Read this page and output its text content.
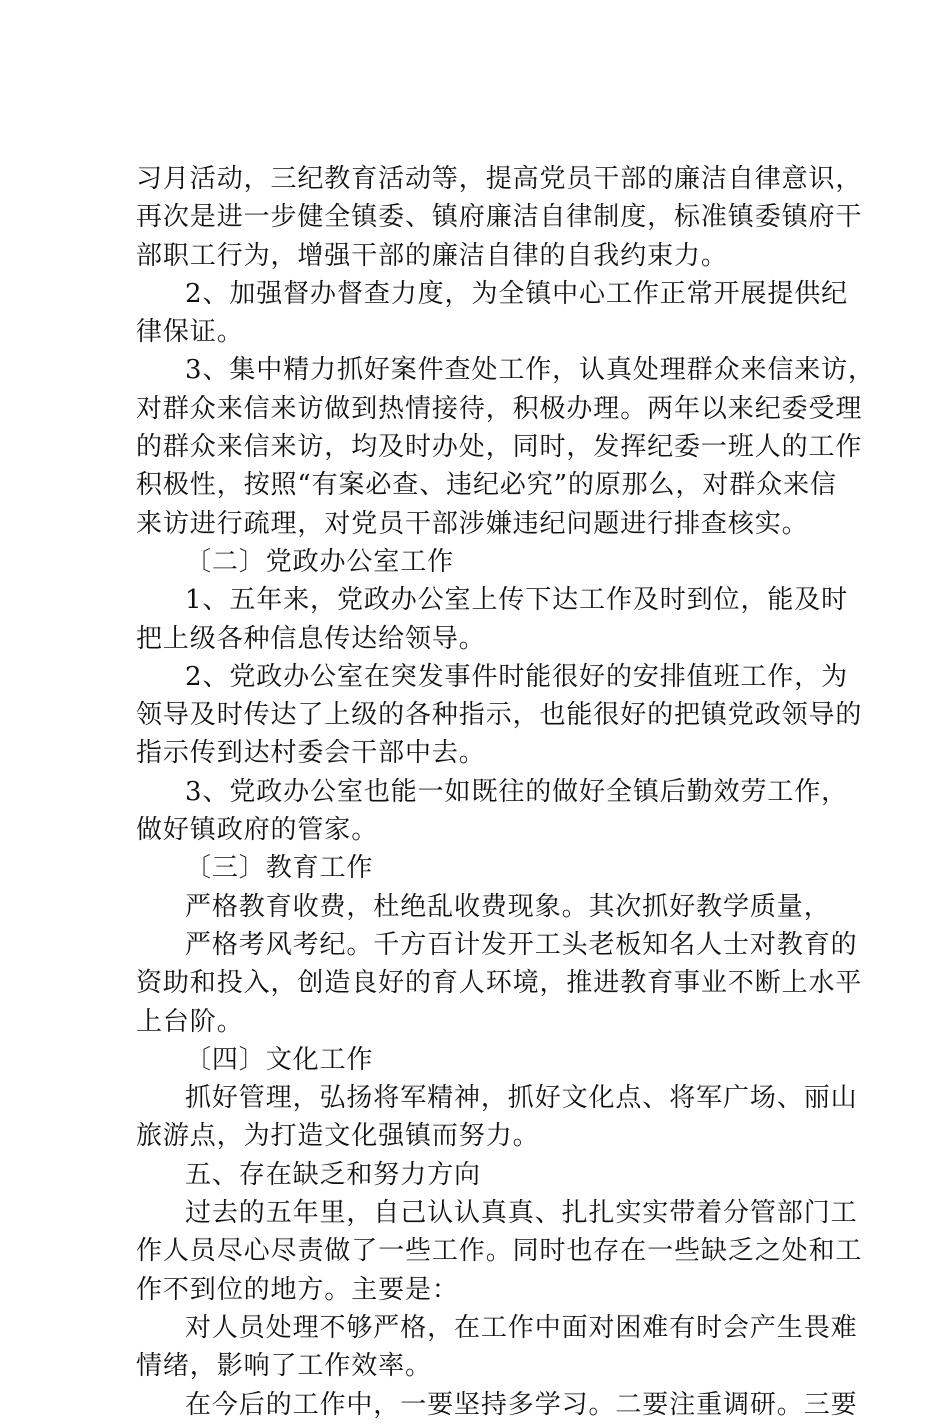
习月活动，三纪教育活动等，提高党员干部的廉洁自律意识，
再次是进一步健全镇委、镇府廉洁自律制度，标准镇委镇府干
部职工行为，增强干部的廉洁自律的自我约束力。
2、加强督办督查力度，为全镇中心工作正常开展提供纪
律保证。
3、集中精力抓好案件查处工作，认真处理群众来信来访，
对群众来信来访做到热情接待，积极办理。两年以来纪委受理
的群众来信来访，均及时办处，同时，发挥纪委一班人的工作
积极性，按照“有案必查、违纪必究”的原那么，对群众来信
来访进行疏理，对党员干部涉嫌违纪问题进行排查核实。
〔二〕党政办公室工作
1、五年来，党政办公室上传下达工作及时到位，能及时
把上级各种信息传达给领导。
2、党政办公室在突发事件时能很好的安排值班工作，为
领导及时传达了上级的各种指示，也能很好的把镇党政领导的
指示传到达村委会干部中去。
3、党政办公室也能一如既往的做好全镇后勤效劳工作，
做好镇政府的管家。
〔三〕教育工作
严格教育收费，杜绝乱收费现象。其次抓好教学质量，
严格考风考纪。千方百计发开工头老板知名人士对教育的
资助和投入，创造良好的育人环境，推进教育事业不断上水平
上台阶。
〔四〕文化工作
抓好管理，弘扬将军精神，抓好文化点、将军广场、丽山
旅游点，为打造文化强镇而努力。
五、存在缺乏和努力方向
过去的五年里，自己认认真真、扎扎实实带着分管部门工
作人员尽心尽责做了一些工作。同时也存在一些缺乏之处和工
作不到位的地方。主要是：
对人员处理不够严格，在工作中面对困难有时会产生畏难
情绪，影响了工作效率。
在今后的工作中，一要坚持多学习。二要注重调研。三要
